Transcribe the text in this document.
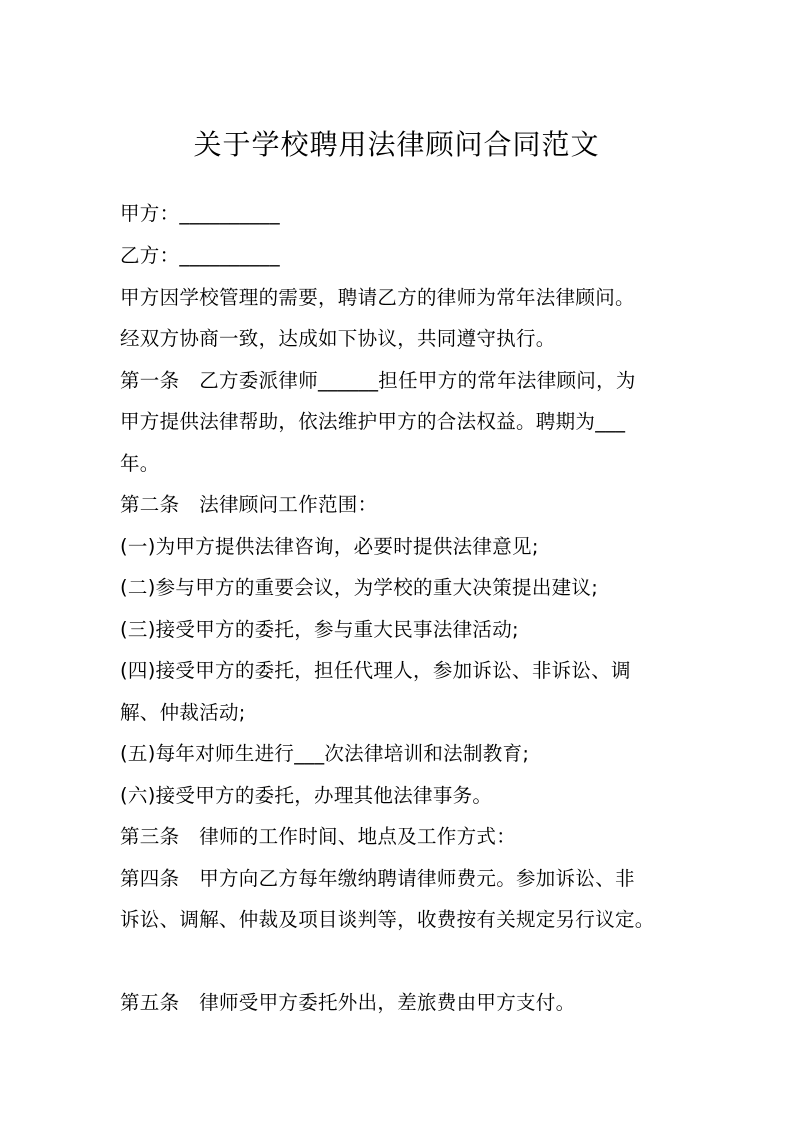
关于学校聘用法律顾问合同范文
甲方：__________
乙方：__________
甲方因学校管理的需要，聘请乙方的律师为常年法律顾问。
经双方协商一致，达成如下协议，共同遵守执行。
第一条　乙方委派律师______担任甲方的常年法律顾问，为
甲方提供法律帮助，依法维护甲方的合法权益。聘期为___
年。
第二条　法律顾问工作范围：
(一)为甲方提供法律咨询，必要时提供法律意见;
(二)参与甲方的重要会议，为学校的重大决策提出建议;
(三)接受甲方的委托，参与重大民事法律活动;
(四)接受甲方的委托，担任代理人，参加诉讼、非诉讼、调
解、仲裁活动;
(五)每年对师生进行___次法律培训和法制教育;
(六)接受甲方的委托，办理其他法律事务。
第三条　律师的工作时间、地点及工作方式：
第四条　甲方向乙方每年缴纳聘请律师费元。参加诉讼、非
诉讼、调解、仲裁及项目谈判等，收费按有关规定另行议定。
第五条　律师受甲方委托外出，差旅费由甲方支付。
